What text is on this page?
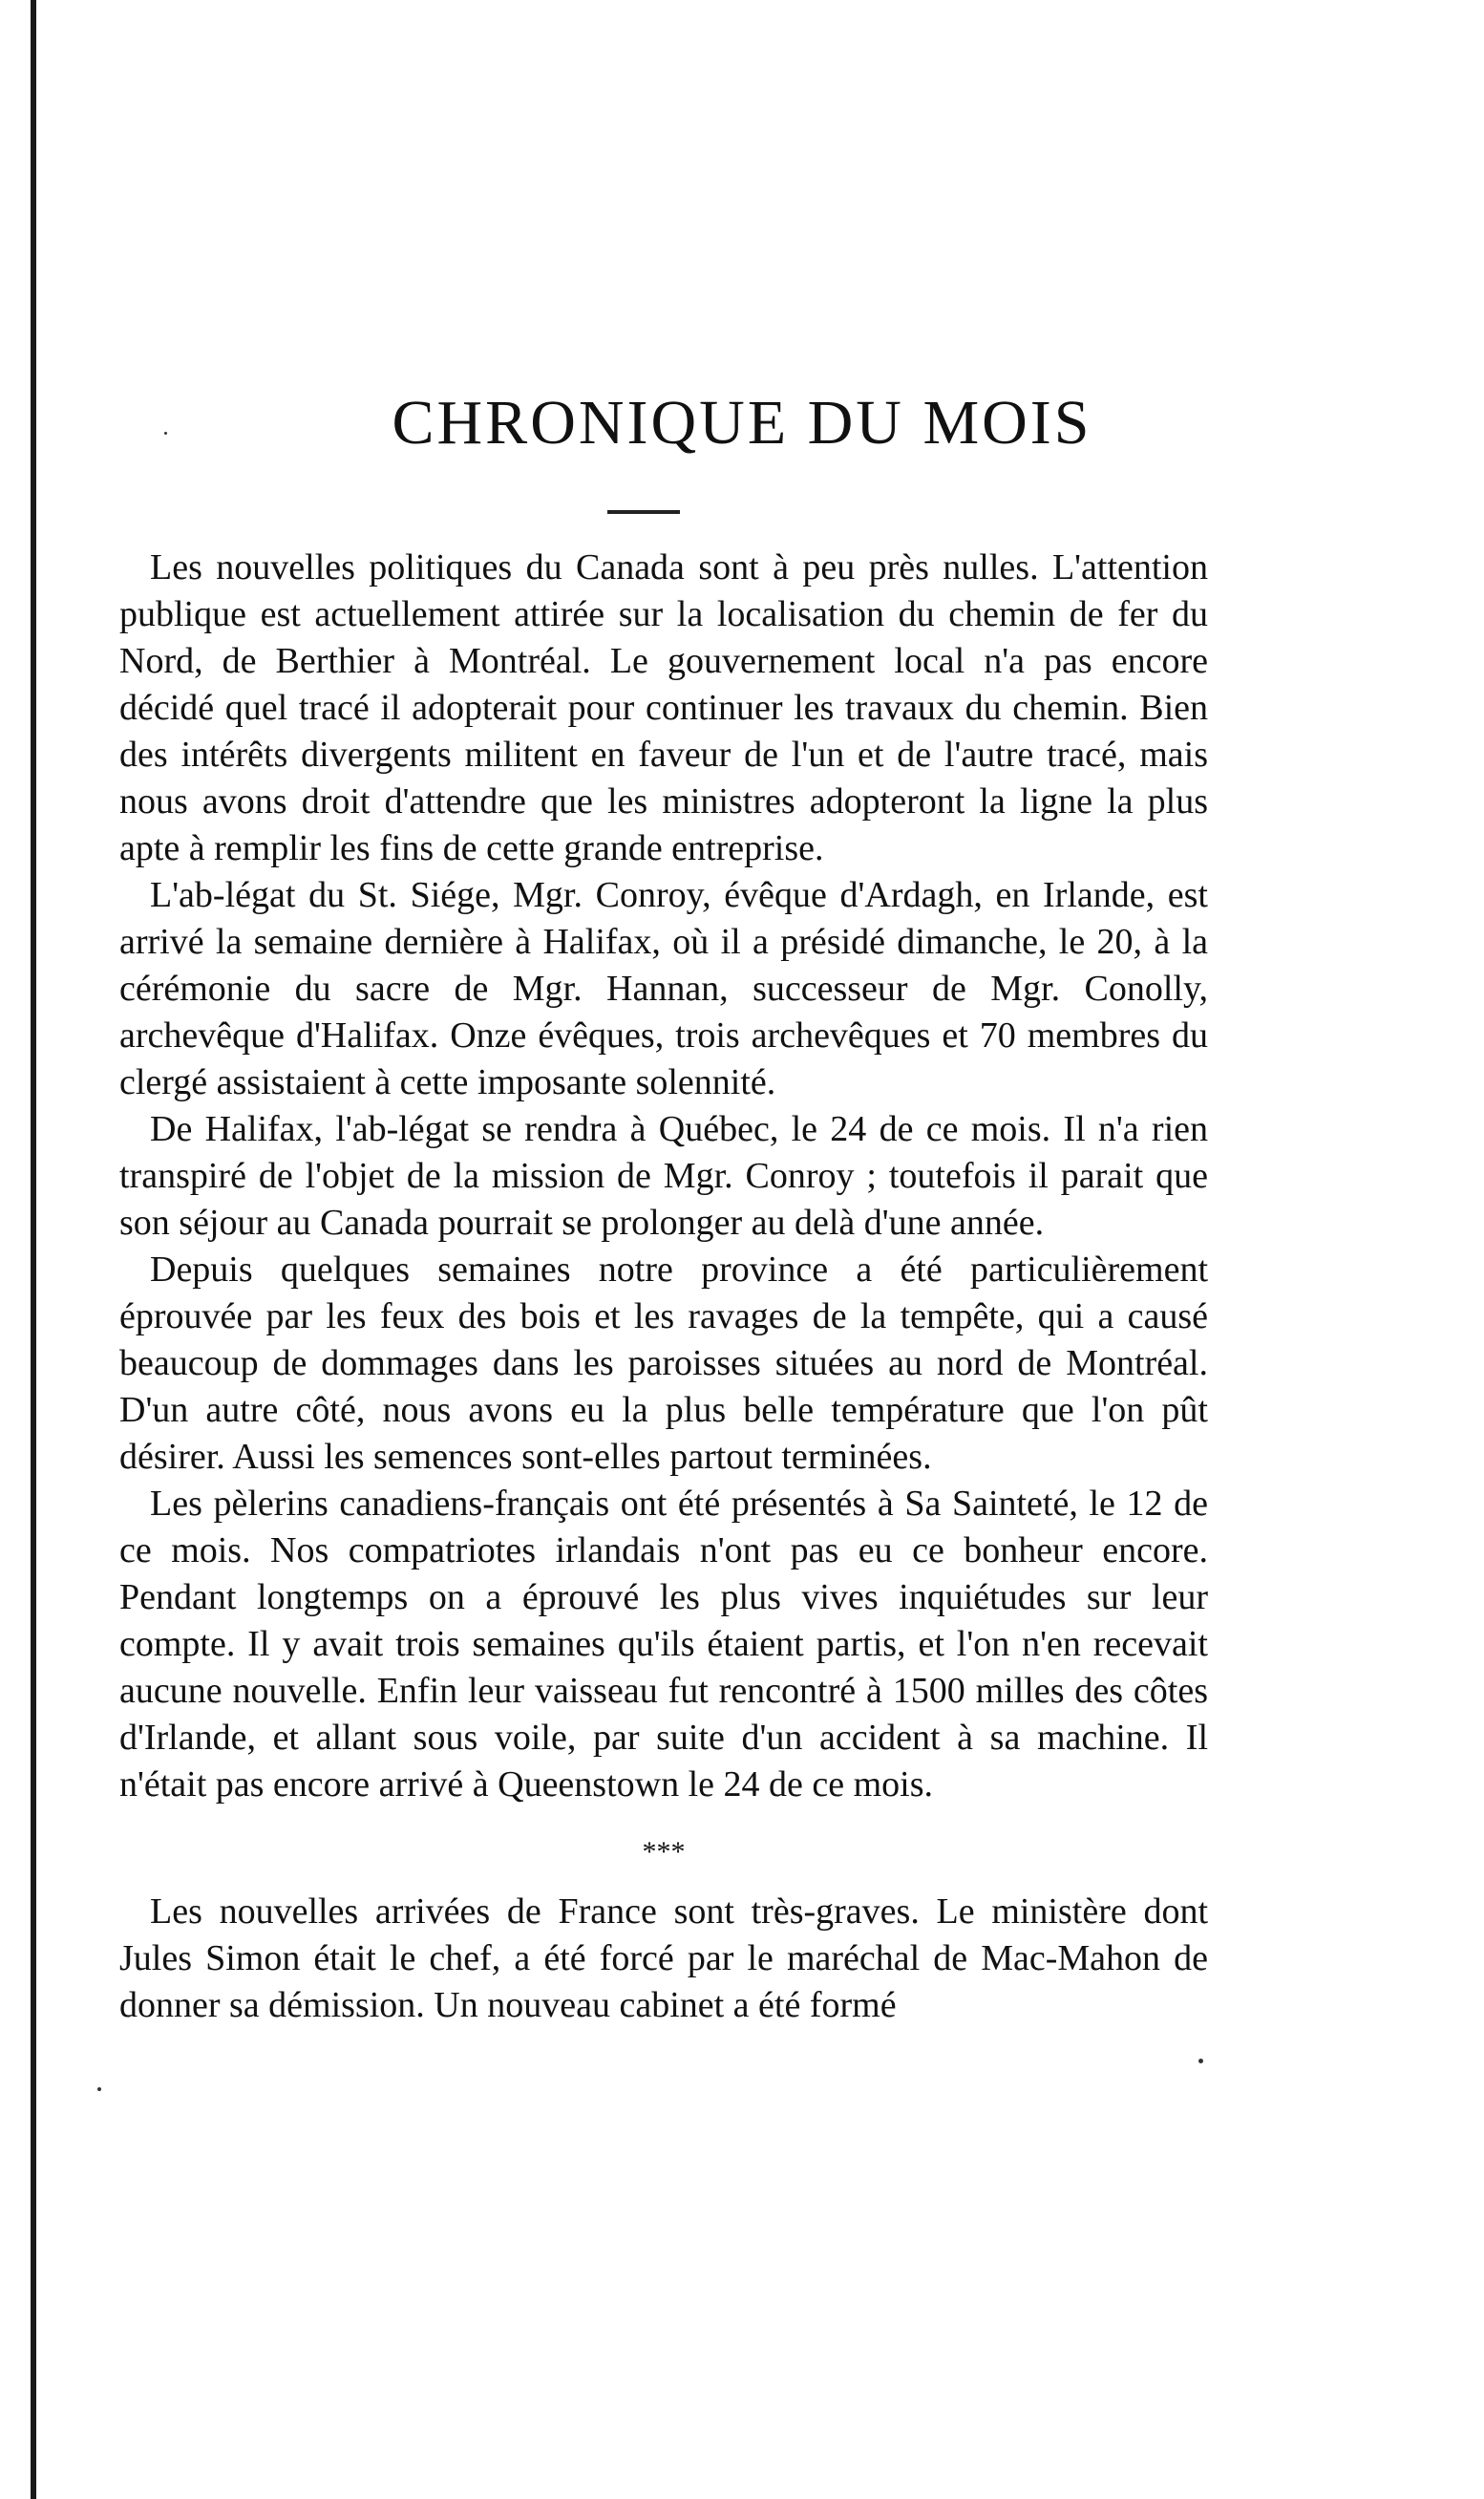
CHRONIQUE DU MOIS

Les nouvelles politiques du Canada sont à peu près nulles. L'attention publique est actuellement attirée sur la localisation du chemin de fer du Nord, de Berthier à Montréal. Le gouvernement local n'a pas encore décidé quel tracé il adopterait pour continuer les travaux du chemin. Bien des intérêts divergents militent en faveur de l'un et de l'autre tracé, mais nous avons droit d'attendre que les ministres adopteront la ligne la plus apte à remplir les fins de cette grande entreprise.

L'ab-légat du St. Siége, Mgr. Conroy, évêque d'Ardagh, en Irlande, est arrivé la semaine dernière à Halifax, où il a présidé dimanche, le 20, à la cérémonie du sacre de Mgr. Hannan, successeur de Mgr. Conolly, archevêque d'Halifax. Onze évêques, trois archevêques et 70 membres du clergé assistaient à cette imposante solennité.

De Halifax, l'ab-légat se rendra à Québec, le 24 de ce mois. Il n'a rien transpiré de l'objet de la mission de Mgr. Conroy ; toutefois il parait que son séjour au Canada pourrait se prolonger au delà d'une année.

Depuis quelques semaines notre province a été particulièrement éprouvée par les feux des bois et les ravages de la tempête, qui a causé beaucoup de dommages dans les paroisses situées au nord de Montréal. D'un autre côté, nous avons eu la plus belle température que l'on pût désirer. Aussi les semences sont-elles partout terminées.

Les pèlerins canadiens-français ont été présentés à Sa Sainteté, le 12 de ce mois. Nos compatriotes irlandais n'ont pas eu ce bonheur encore. Pendant longtemps on a éprouvé les plus vives inquiétudes sur leur compte. Il y avait trois semaines qu'ils étaient partis, et l'on n'en recevait aucune nouvelle. Enfin leur vaisseau fut rencontré à 1500 milles des côtes d'Irlande, et allant sous voile, par suite d'un accident à sa machine. Il n'était pas encore arrivé à Queenstown le 24 de ce mois.

***

Les nouvelles arrivées de France sont très-graves. Le ministère dont Jules Simon était le chef, a été forcé par le maréchal de Mac-Mahon de donner sa démission. Un nouveau cabinet a été formé
